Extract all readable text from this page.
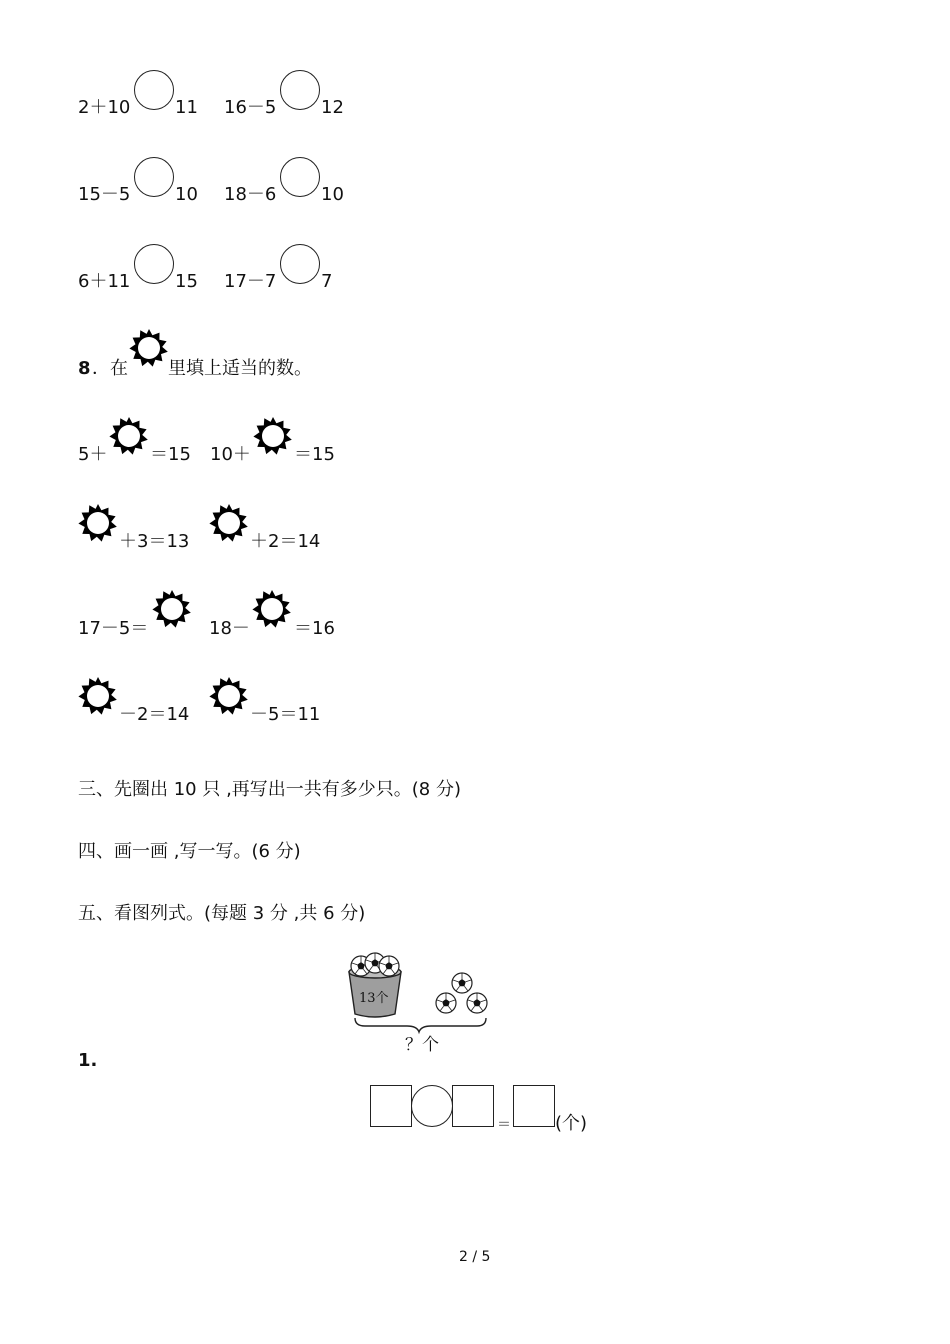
2＋10 11 16－5 12
15－5 10 18－6 10
6＋11 15 17－7 7
8 ．在 里填上适当的数。
5＋ ＝15 10＋ ＝15
＋3＝13	＋2＝14
17－5＝	18－ ＝16
－2＝14	－5＝11
三、先圈出 10 只 ,再写出一共有多少只。(8 分)
四、画一画 ,写一写。(6 分)
五、看图列式。(每题 3 分 ,共 6 分)
1.
13个
？个
＝ (个)
2 / 5
